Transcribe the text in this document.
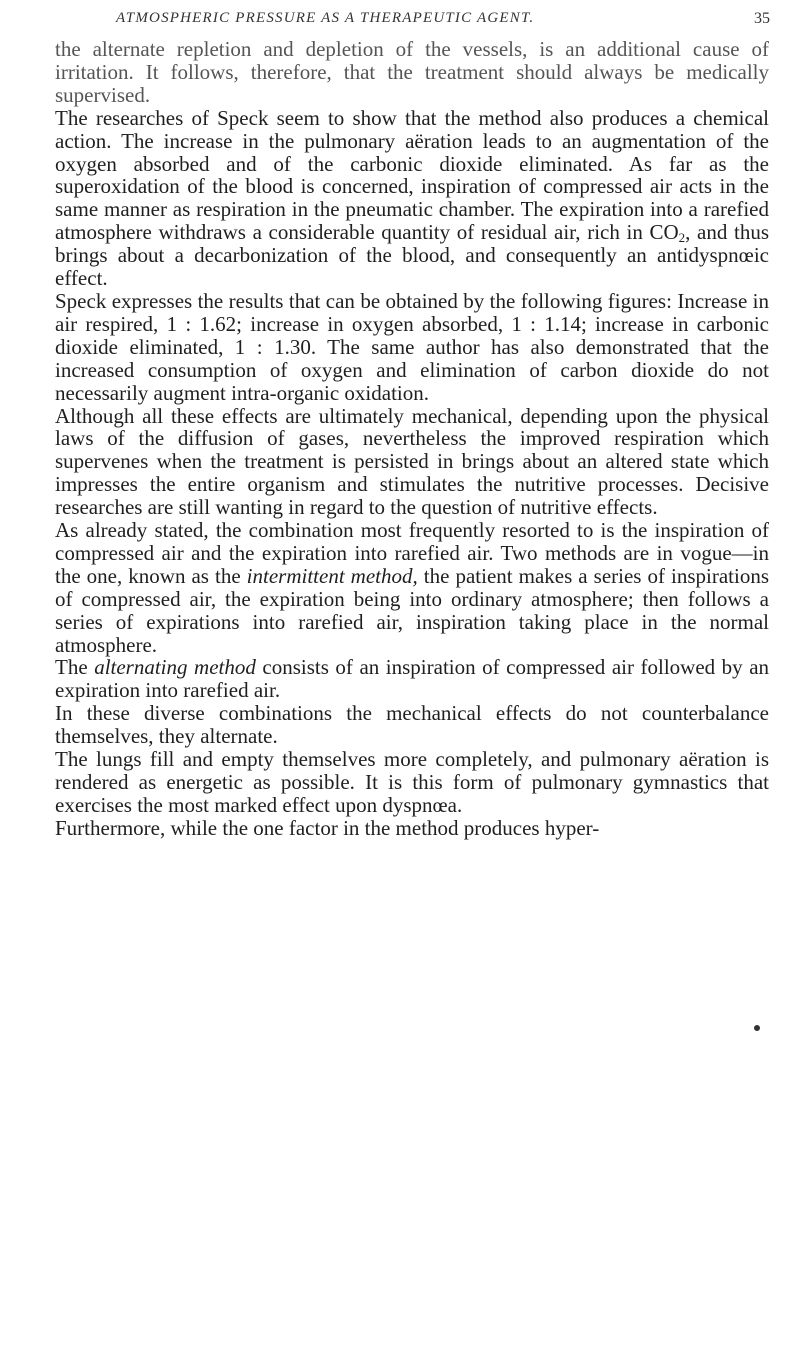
ATMOSPHERIC PRESSURE AS A THERAPEUTIC AGENT.	35

the alternate repletion and depletion of the vessels, is an additional cause of irritation. It follows, therefore, that the treatment should always be medically supervised.

The researches of Speck seem to show that the method also produces a chemical action. The increase in the pulmonary aëration leads to an augmentation of the oxygen absorbed and of the carbonic dioxide eliminated. As far as the superoxidation of the blood is concerned, inspiration of compressed air acts in the same manner as respiration in the pneumatic chamber. The expiration into a rarefied atmosphere withdraws a considerable quantity of residual air, rich in $CO_2$, and thus brings about a decarbonization of the blood, and consequently an antidyspnœic effect.

Speck expresses the results that can be obtained by the following figures: Increase in air respired, 1 : 1.62; increase in oxygen absorbed, 1 : 1.14; increase in carbonic dioxide eliminated, 1 : 1.30. The same author has also demonstrated that the increased consumption of oxygen and elimination of carbon dioxide do not necessarily augment intra-organic oxidation.

Although all these effects are ultimately mechanical, depending upon the physical laws of the diffusion of gases, nevertheless the improved respiration which supervenes when the treatment is persisted in brings about an altered state which impresses the entire organism and stimulates the nutritive processes. Decisive researches are still wanting in regard to the question of nutritive effects.

As already stated, the combination most frequently resorted to is the inspiration of compressed air and the expiration into rarefied air. Two methods are in vogue—in the one, known as the intermittent method, the patient makes a series of inspirations of compressed air, the expiration being into ordinary atmosphere; then follows a series of expirations into rarefied air, inspiration taking place in the normal atmosphere.

The alternating method consists of an inspiration of compressed air followed by an expiration into rarefied air.

In these diverse combinations the mechanical effects do not counterbalance themselves, they alternate.

The lungs fill and empty themselves more completely, and pulmonary aëration is rendered as energetic as possible. It is this form of pulmonary gymnastics that exercises the most marked effect upon dyspnœa.

Furthermore, while the one factor in the method produces hyper-
